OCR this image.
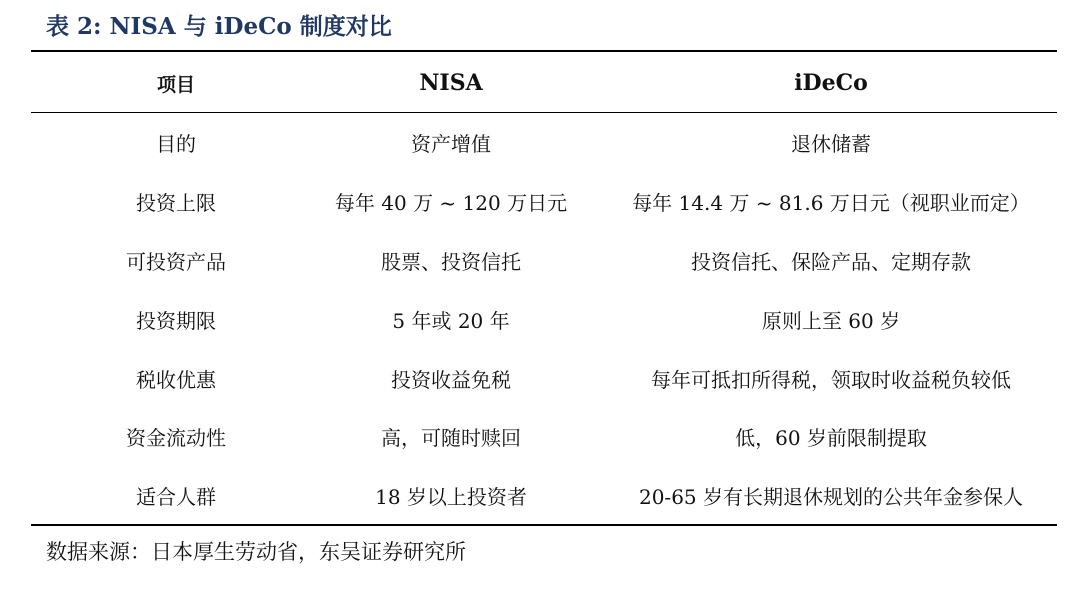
表 2: NISA 与 iDeCo 制度对比
项目	NISA	iDeCo
目的	资产增值	退休储蓄
投资上限	每年 40 万 ~ 120 万日元	每年 14.4 万 ~ 81.6 万日元（视职业而定）
可投资产品	股票、投资信托	投资信托、保险产品、定期存款
投资期限	5 年或 20 年	原则上至 60 岁
税收优惠	投资收益免税	每年可抵扣所得税，领取时收益税负较低
资金流动性	高，可随时赎回	低，60 岁前限制提取
适合人群	18 岁以上投资者	20-65 岁有长期退休规划的公共年金参保人
数据来源：日本厚生劳动省，东吴证券研究所
